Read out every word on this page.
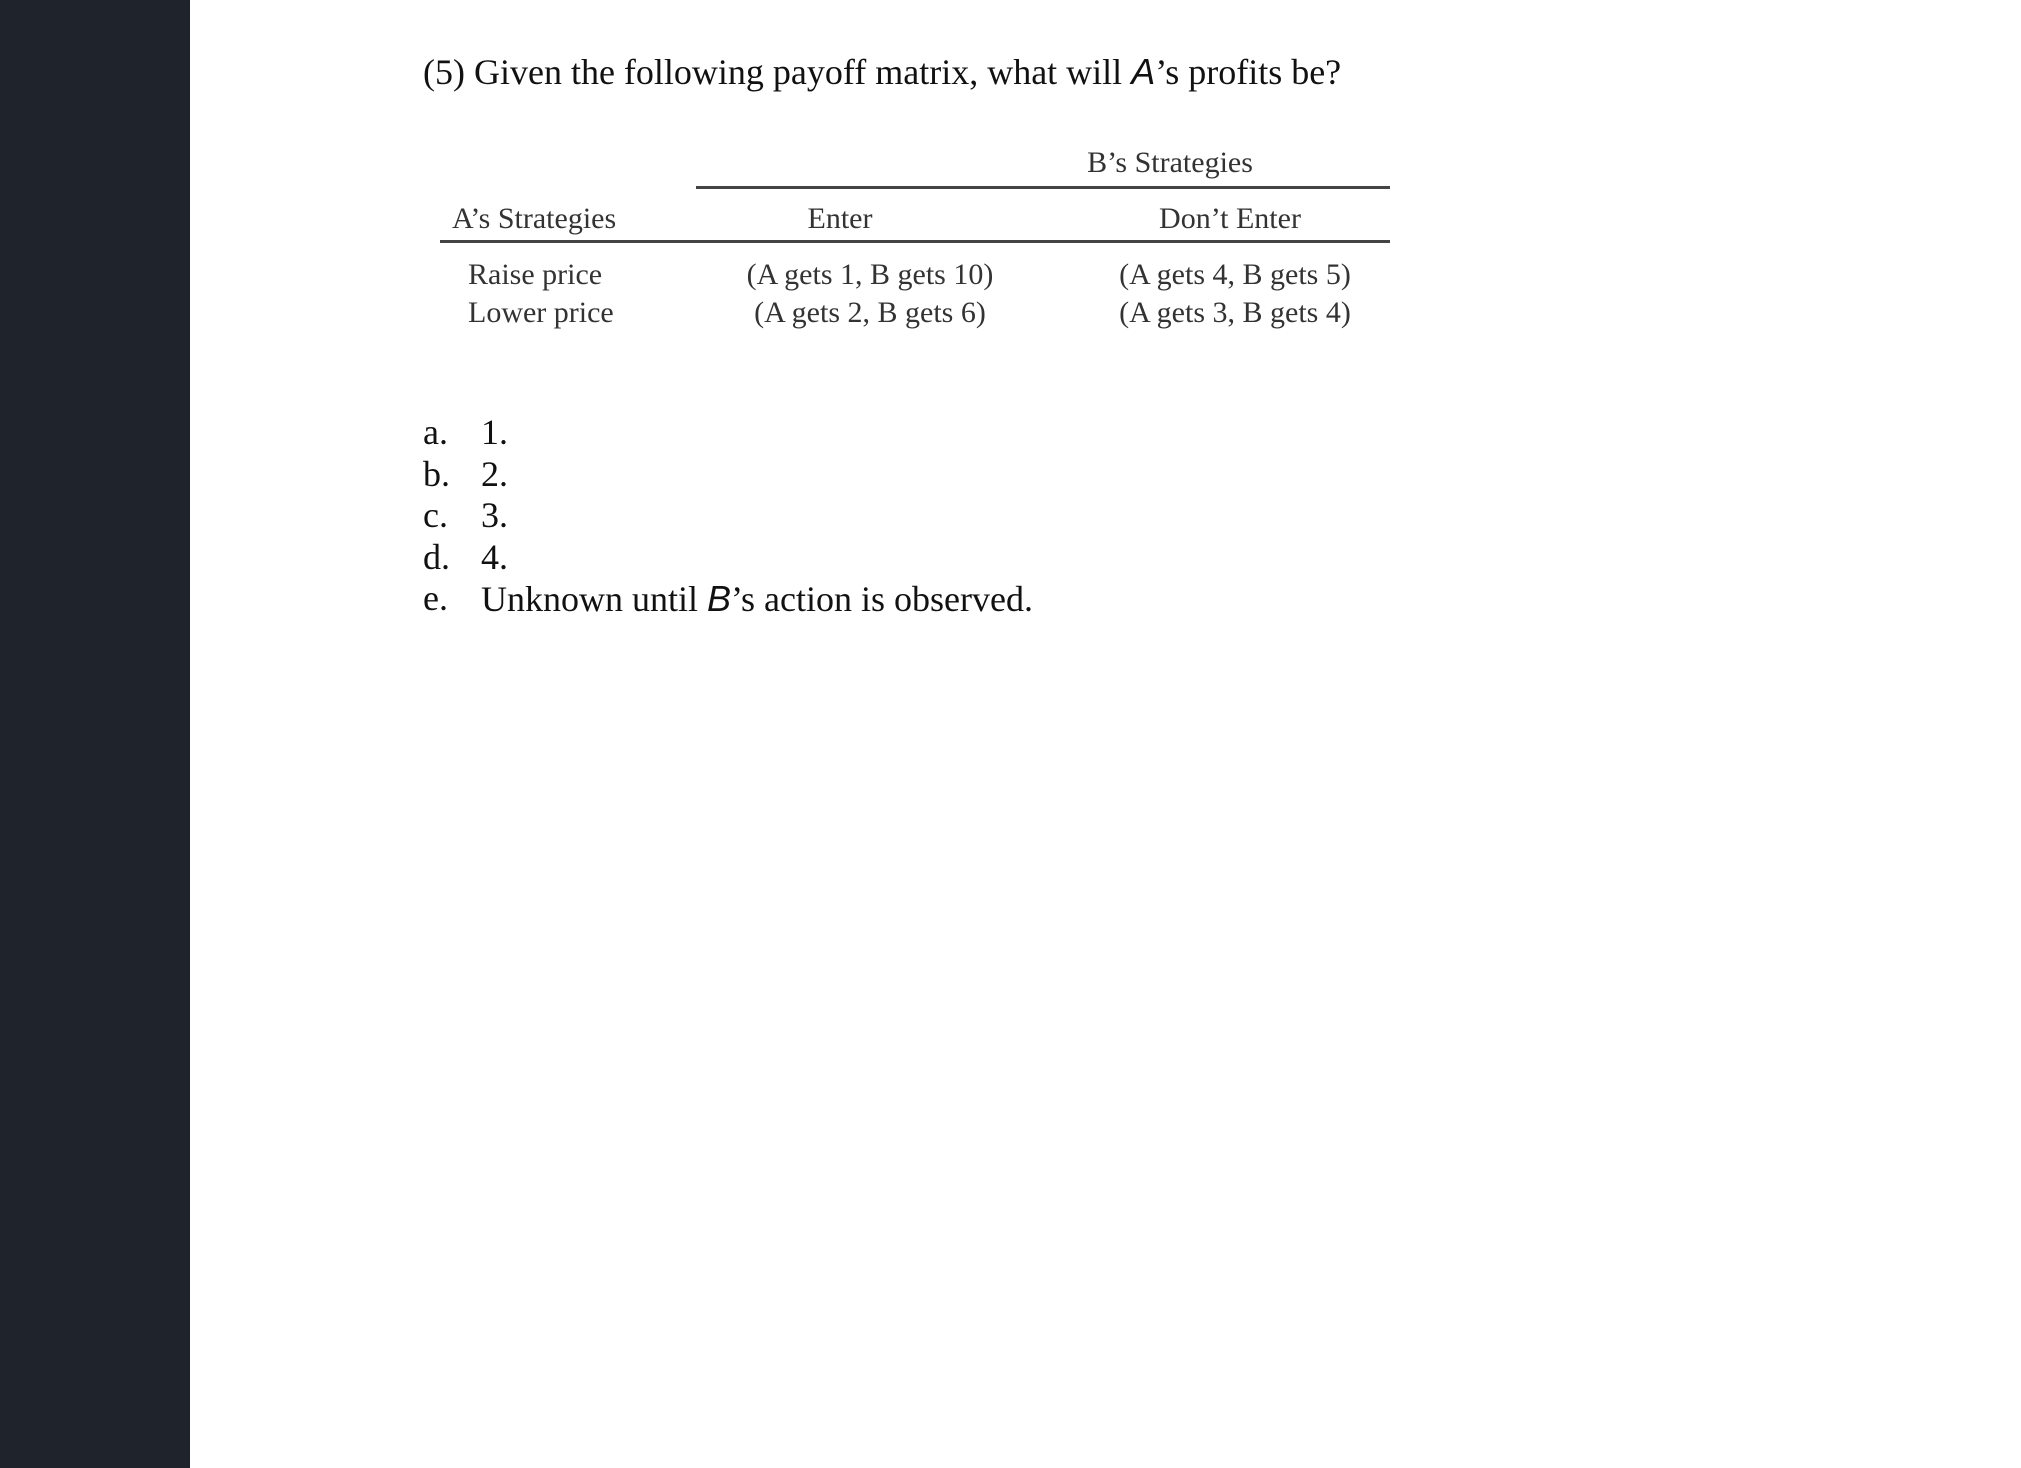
(5) Given the following payoff matrix, what will A’s profits be?
B’s Strategies
A’s Strategies	Enter	Don’t Enter
Raise price	(A gets 1, B gets 10)	(A gets 4, B gets 5)
Lower price	(A gets 2, B gets 6)	(A gets 3, B gets 4)
a. 1.
b. 2.
c. 3.
d. 4.
e. Unknown until B’s action is observed.
